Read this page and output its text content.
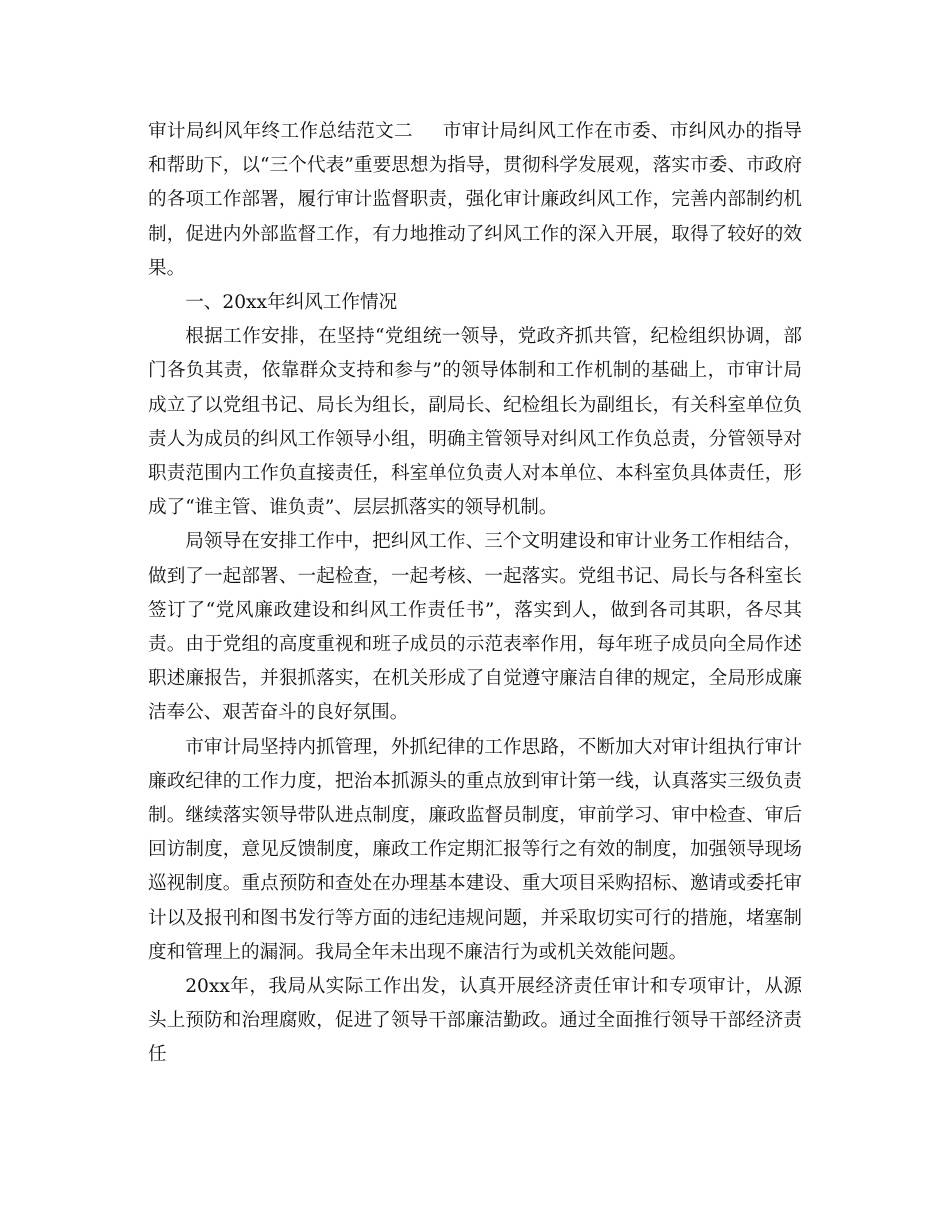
审计局纠风年终工作总结范文二 市审计局纠风工作在市委、市纠风办的指导和帮助下，以“三个代表”重要思想为指导，贯彻科学发展观，落实市委、市政府的各项工作部署，履行审计监督职责，强化审计廉政纠风工作，完善内部制约机制，促进内外部监督工作，有力地推动了纠风工作的深入开展，取得了较好的效果。

一、20xx年纠风工作情况

根据工作安排，在坚持“党组统一领导，党政齐抓共管，纪检组织协调，部门各负其责，依靠群众支持和参与”的领导体制和工作机制的基础上，市审计局成立了以党组书记、局长为组长，副局长、纪检组长为副组长，有关科室单位负责人为成员的纠风工作领导小组，明确主管领导对纠风工作负总责，分管领导对职责范围内工作负直接责任，科室单位负责人对本单位、本科室负具体责任，形成了“谁主管、谁负责”、层层抓落实的领导机制。

局领导在安排工作中，把纠风工作、三个文明建设和审计业务工作相结合，做到了一起部署、一起检查，一起考核、一起落实。党组书记、局长与各科室长签订了“党风廉政建设和纠风工作责任书”，落实到人，做到各司其职，各尽其责。由于党组的高度重视和班子成员的示范表率作用，每年班子成员向全局作述职述廉报告，并狠抓落实，在机关形成了自觉遵守廉洁自律的规定，全局形成廉洁奉公、艰苦奋斗的良好氛围。

市审计局坚持内抓管理，外抓纪律的工作思路，不断加大对审计组执行审计廉政纪律的工作力度，把治本抓源头的重点放到审计第一线，认真落实三级负责制。继续落实领导带队进点制度，廉政监督员制度，审前学习、审中检查、审后回访制度，意见反馈制度，廉政工作定期汇报等行之有效的制度，加强领导现场巡视制度。重点预防和查处在办理基本建设、重大项目采购招标、邀请或委托审计以及报刊和图书发行等方面的违纪违规问题，并采取切实可行的措施，堵塞制度和管理上的漏洞。我局全年未出现不廉洁行为或机关效能问题。

20xx年，我局从实际工作出发，认真开展经济责任审计和专项审计，从源头上预防和治理腐败，促进了领导干部廉洁勤政。通过全面推行领导干部经济责任
